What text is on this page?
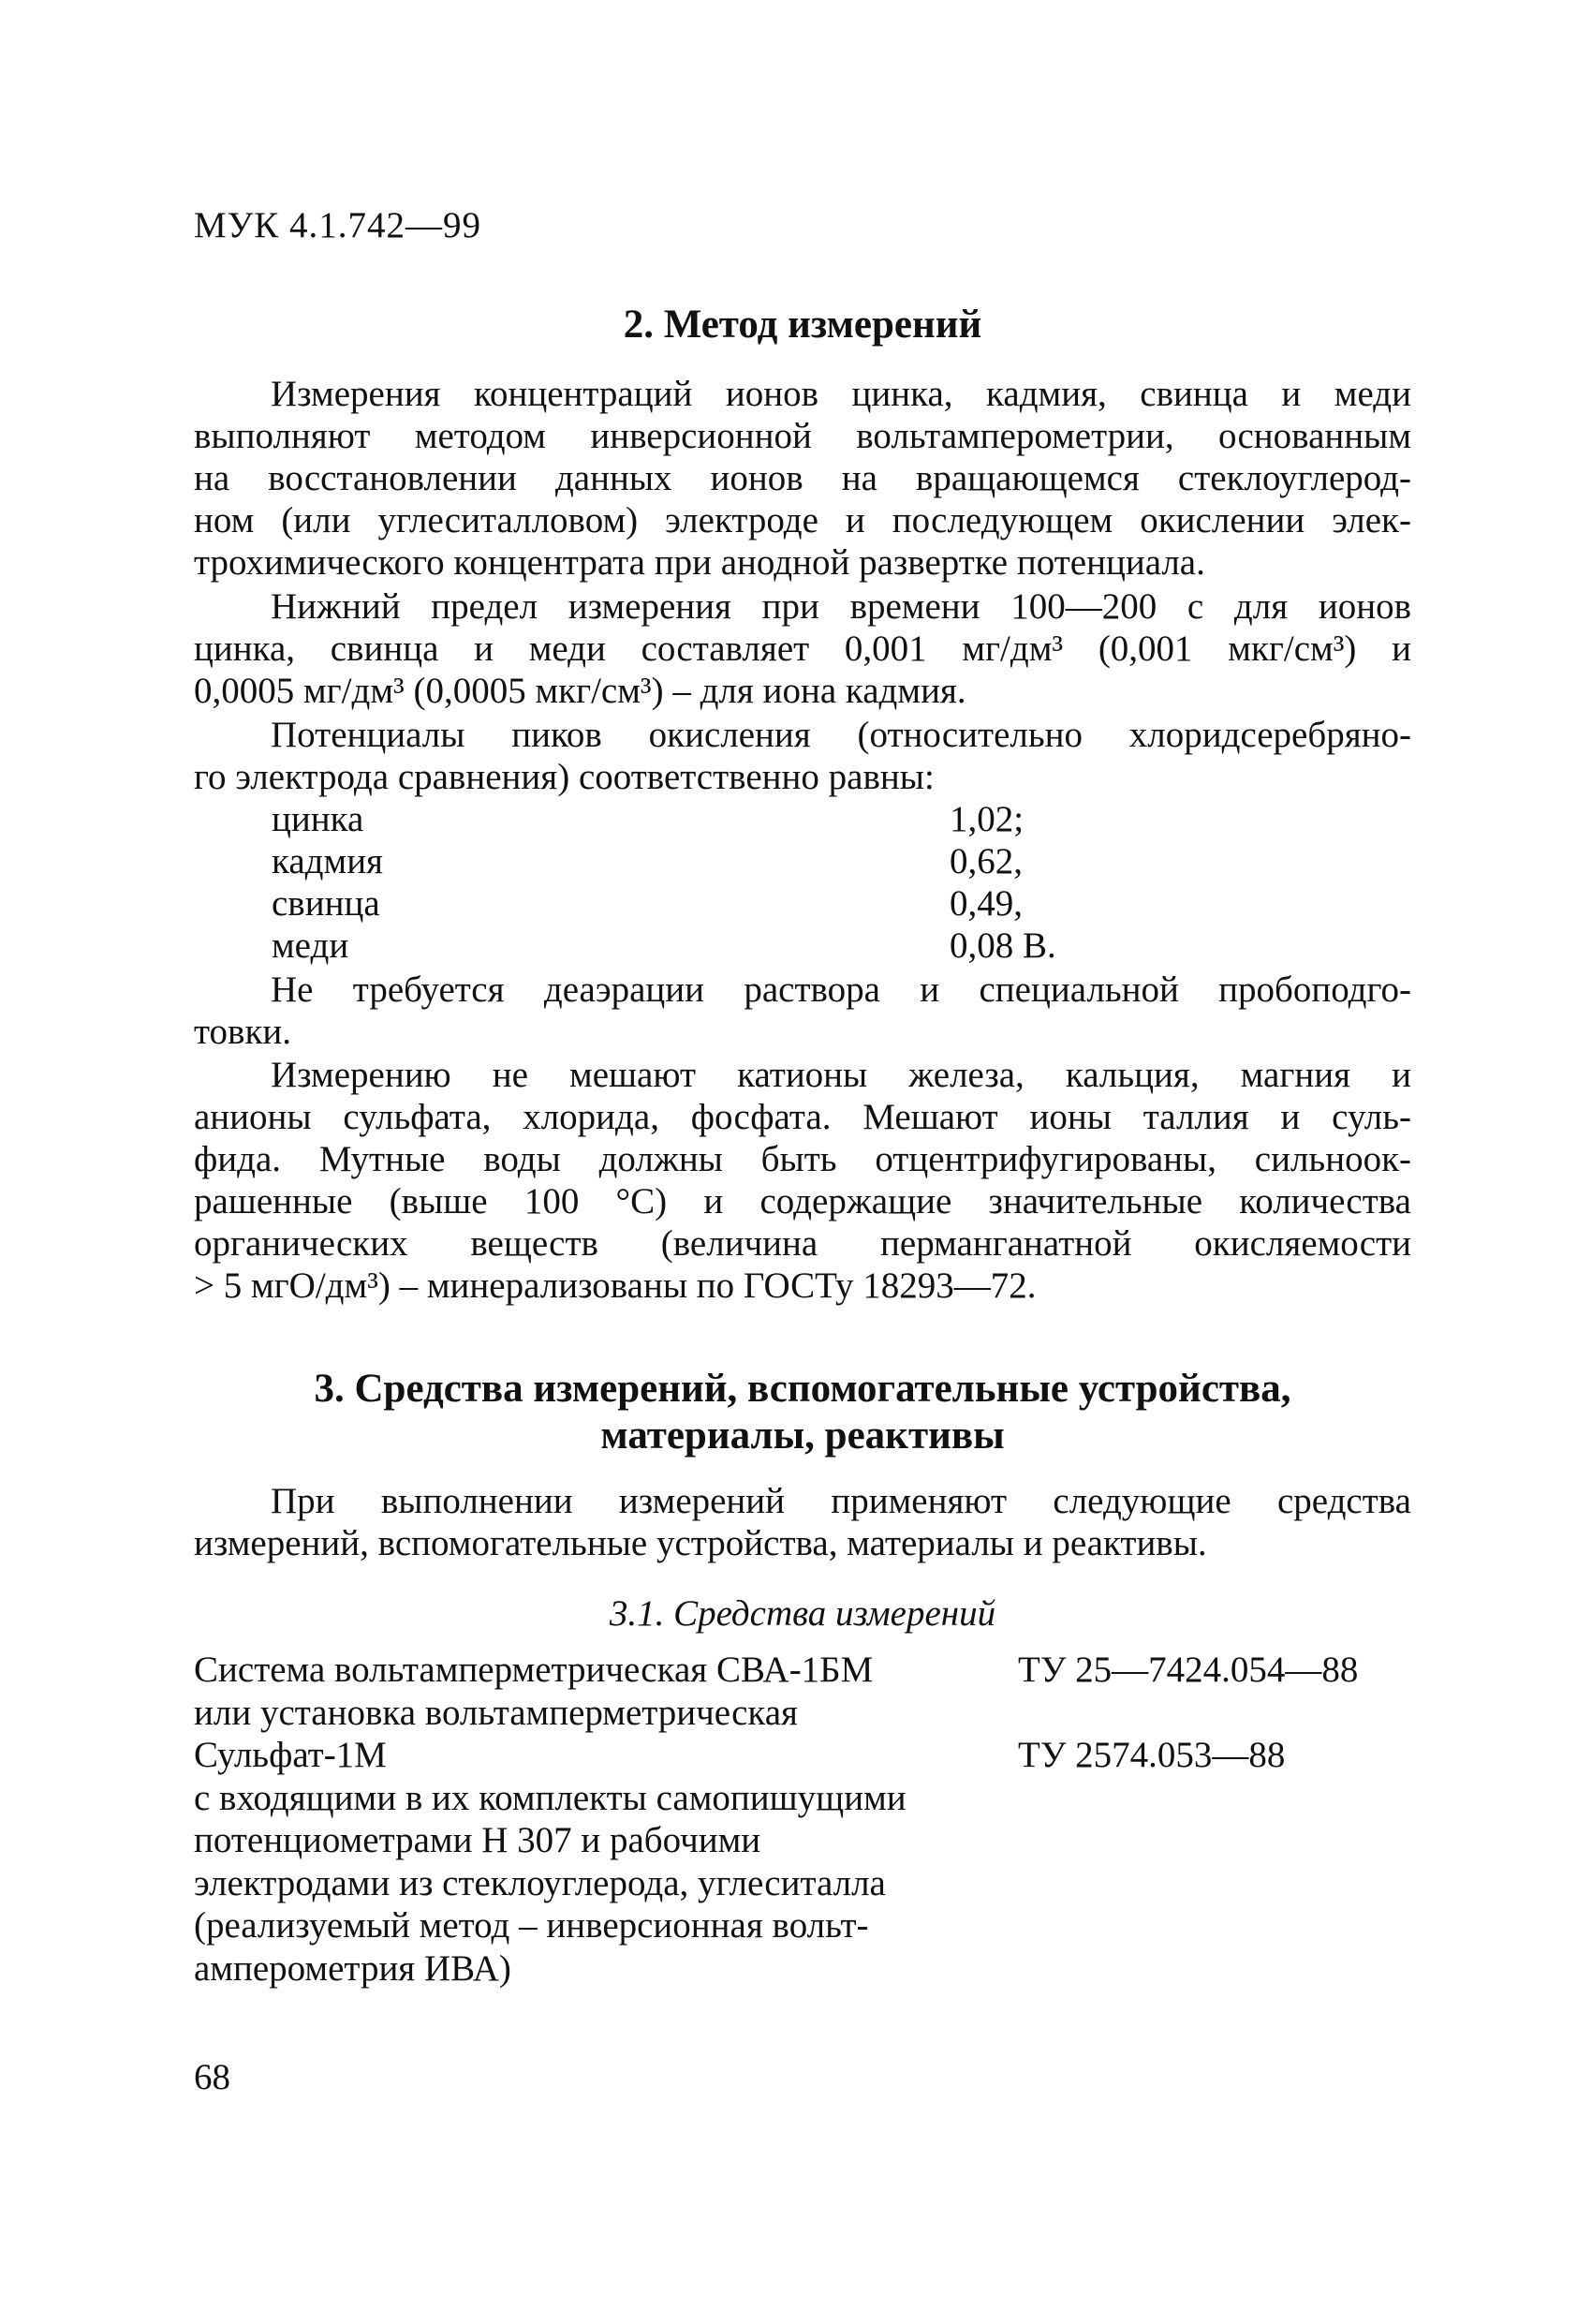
МУК 4.1.742—99
2. Метод измерений
Измерения концентраций ионов цинка, кадмия, свинца и меди
выполняют методом инверсионной вольтамперометрии, основанным
на восстановлении данных ионов на вращающемся стеклоуглерод-
ном (или углеситалловом) электроде и последующем окислении элек-
трохимического концентрата при анодной развертке потенциала.
Нижний предел измерения при времени 100—200 с для ионов
цинка, свинца и меди составляет 0,001 мг/дм³ (0,001 мкг/см³) и
0,0005 мг/дм³ (0,0005 мкг/см³) – для иона кадмия.
Потенциалы пиков окисления (относительно хлоридсеребряно-
го электрода сравнения) соответственно равны:
цинка	1,02;
кадмия	0,62,
свинца	0,49,
меди	0,08 В.
Не требуется деаэрации раствора и специальной пробоподго-
товки.
Измерению не мешают катионы железа, кальция, магния и
анионы сульфата, хлорида, фосфата. Мешают ионы таллия и суль-
фида. Мутные воды должны быть отцентрифугированы, сильноок-
рашенные (выше 100 °С) и содержащие значительные количества
органических веществ (величина перманганатной окисляемости
> 5 мгО/дм³) – минерализованы по ГОСТу 18293—72.
3. Средства измерений, вспомогательные устройства,
материалы, реактивы
При выполнении измерений применяют следующие средства
измерений, вспомогательные устройства, материалы и реактивы.
3.1. Средства измерений
Система вольтамперметрическая СВА-1БМ	ТУ 25—7424.054—88
или установка вольтамперметрическая
Сульфат-1М	ТУ 2574.053—88
с входящими в их комплекты самопишущими
потенциометрами Н 307 и рабочими
электродами из стеклоуглерода, углеситалла
(реализуемый метод – инверсионная вольт-
амперометрия ИВА)
68
